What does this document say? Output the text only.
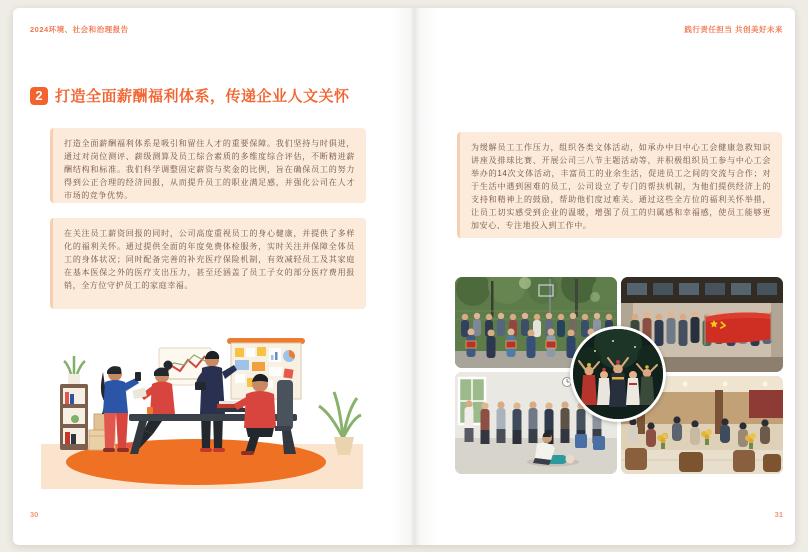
2024环境、社会和治理报告
2 打造全面薪酬福利体系，传递企业人文关怀
打造全面薪酬福利体系是吸引和留住人才的重要保障。我们坚持与时俱进，通过对岗位测评、薪级测算及员工综合素质的多维度综合评估，不断精进薪酬结构和标准。我们科学调整固定薪资与奖金的比例，旨在确保员工的努力得到公正合理的经济回报，从而提升员工的职业满足感，并强化公司在人才市场的竞争优势。
在关注员工薪资回报的同时，公司高度重视员工的身心健康，并提供了多样化的福利关怀。通过提供全面的年度免费体检服务，实时关注并保障全体员工的身体状况；同时配备完善的补充医疗保险机制，有效减轻员工及其家庭在基本医保之外的医疗支出压力，甚至还涵盖了员工子女的部分医疗费用报销，全方位守护员工的家庭幸福。
30
践行责任担当 共创美好未来
为缓解员工工作压力，组织各类文体活动，如承办中日中心工会健康急救知识讲座及排球比赛、开展公司三八节主题活动等，并积极组织员工参与中心工会举办的14次文体活动，丰富员工的业余生活，促进员工之间的交流与合作；对于生活中遇到困难的员工，公司设立了专门的帮扶机制，为他们提供经济上的支持和精神上的鼓励，帮助他们度过难关。通过这些全方位的福利关怀举措，让员工切实感受到企业的温暖，增强了员工的归属感和幸福感，使员工能够更加安心、专注地投入到工作中。
31
